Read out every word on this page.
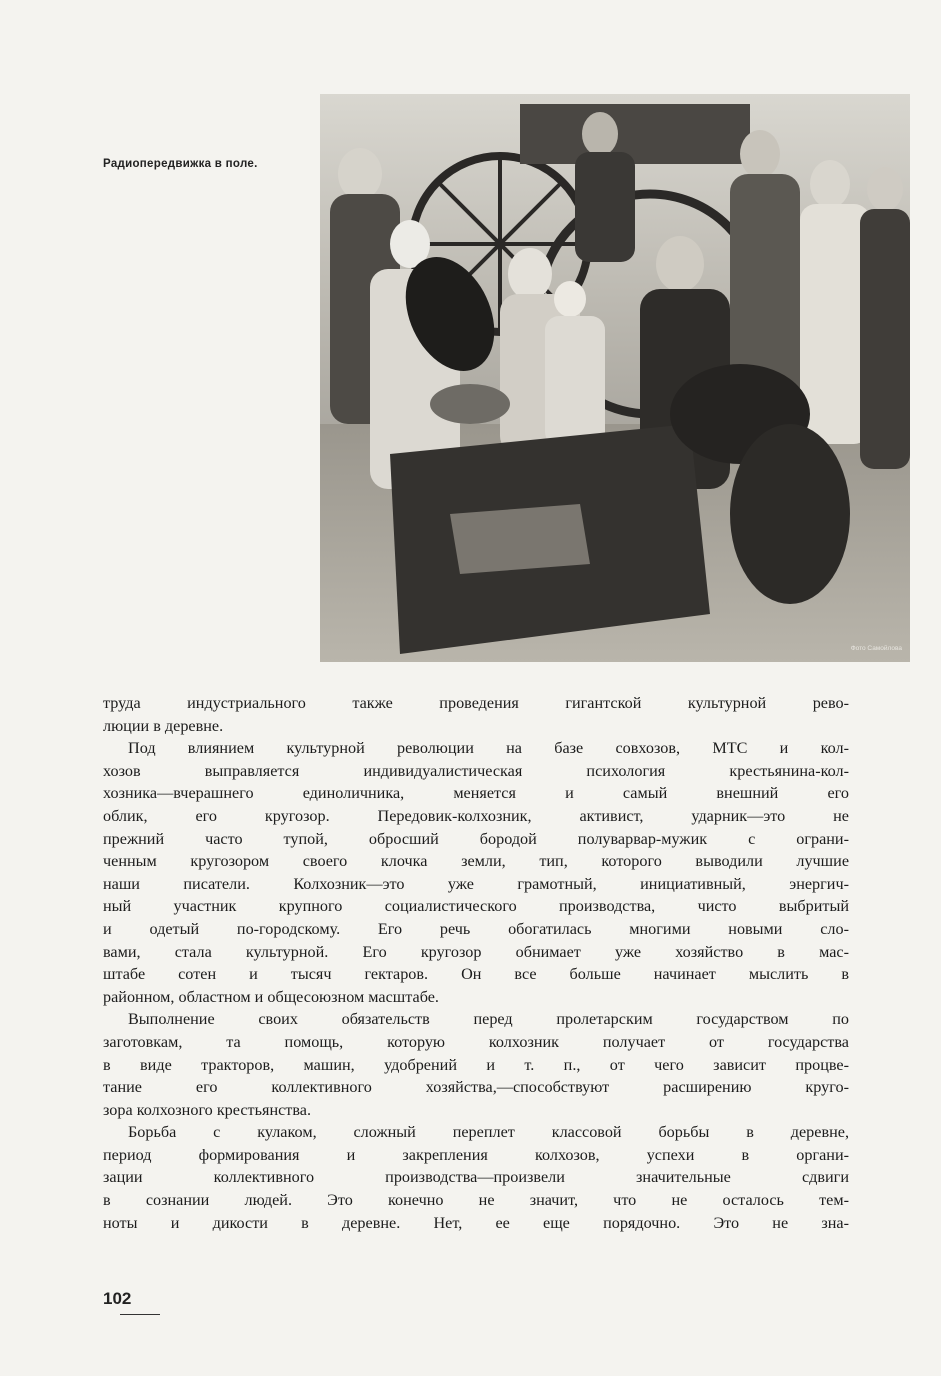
Радиопередвижка в поле.
Фото Самойлова

труда индустриального также проведения гигантской культурной рево-
люции в деревне.

Под влиянием культурной революции на базе совхозов, МТС и кол-
хозов выправляется индивидуалистическая психология крестьянина-кол-
хозника—вчерашнего единоличника, меняется и самый внешний его
облик, его кругозор. Передовик-колхозник, активист, ударник—это не
прежний часто тупой, обросший бородой полуварвар-мужик с ограни-
ченным кругозором своего клочка земли, тип, которого выводили лучшие
наши писатели. Колхозник—это уже грамотный, инициативный, энергич-
ный участник крупного социалистического производства, чисто выбритый
и одетый по-городскому. Его речь обогатилась многими новыми сло-
вами, стала культурной. Его кругозор обнимает уже хозяйство в мас-
штабе сотен и тысяч гектаров. Он все больше начинает мыслить в
районном, областном и общесоюзном масштабе.

Выполнение своих обязательств перед пролетарским государством по
заготовкам, та помощь, которую колхозник получает от государства
в виде тракторов, машин, удобрений и т. п., от чего зависит процве-
тание его коллективного хозяйства,—способствуют расширению круго-
зора колхозного крестьянства.

Борьба с кулаком, сложный переплет классовой борьбы в деревне,
период формирования и закрепления колхозов, успехи в органи-
зации коллективного производства—произвели значительные сдвиги
в сознании людей. Это конечно не значит, что не осталось тем-
ноты и дикости в деревне. Нет, ее еще порядочно. Это не зна-

102
